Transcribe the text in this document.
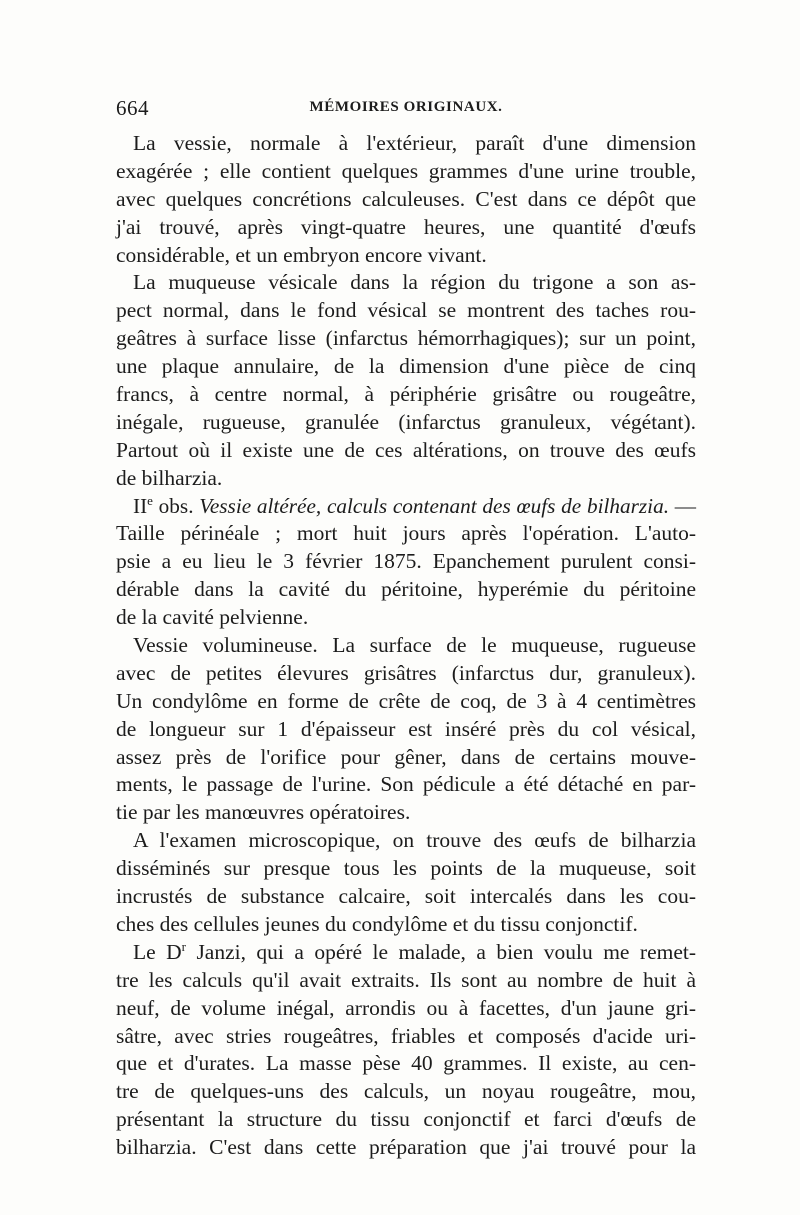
664	MÉMOIRES ORIGINAUX.
La vessie, normale à l'extérieur, paraît d'une dimension
exagérée ; elle contient quelques grammes d'une urine trouble,
avec quelques concrétions calculeuses. C'est dans ce dépôt que
j'ai trouvé, après vingt-quatre heures, une quantité d'œufs
considérable, et un embryon encore vivant.
La muqueuse vésicale dans la région du trigone a son as-
pect normal, dans le fond vésical se montrent des taches rou-
geâtres à surface lisse (infarctus hémorrhagiques); sur un point,
une plaque annulaire, de la dimension d'une pièce de cinq
francs, à centre normal, à périphérie grisâtre ou rougeâtre,
inégale, rugueuse, granulée (infarctus granuleux, végétant).
Partout où il existe une de ces altérations, on trouve des œufs
de bilharzia.
IIe obs. Vessie altérée, calculs contenant des œufs de bilharzia. —
Taille périnéale ; mort huit jours après l'opération. L'auto-
psie a eu lieu le 3 février 1875. Epanchement purulent consi-
dérable dans la cavité du péritoine, hyperémie du péritoine
de la cavité pelvienne.
Vessie volumineuse. La surface de le muqueuse, rugueuse
avec de petites élevures grisâtres (infarctus dur, granuleux).
Un condylôme en forme de crête de coq, de 3 à 4 centimètres
de longueur sur 1 d'épaisseur est inséré près du col vésical,
assez près de l'orifice pour gêner, dans de certains mouve-
ments, le passage de l'urine. Son pédicule a été détaché en par-
tie par les manœuvres opératoires.
A l'examen microscopique, on trouve des œufs de bilharzia
disséminés sur presque tous les points de la muqueuse, soit
incrustés de substance calcaire, soit intercalés dans les cou-
ches des cellules jeunes du condylôme et du tissu conjonctif.
Le $D^r$ Janzi, qui a opéré le malade, a bien voulu me remet-
tre les calculs qu'il avait extraits. Ils sont au nombre de huit à
neuf, de volume inégal, arrondis ou à facettes, d'un jaune gri-
sâtre, avec stries rougeâtres, friables et composés d'acide uri-
que et d'urates. La masse pèse 40 grammes. Il existe, au cen-
tre de quelques-uns des calculs, un noyau rougeâtre, mou,
présentant la structure du tissu conjonctif et farci d'œufs de
bilharzia. C'est dans cette préparation que j'ai trouvé pour la
